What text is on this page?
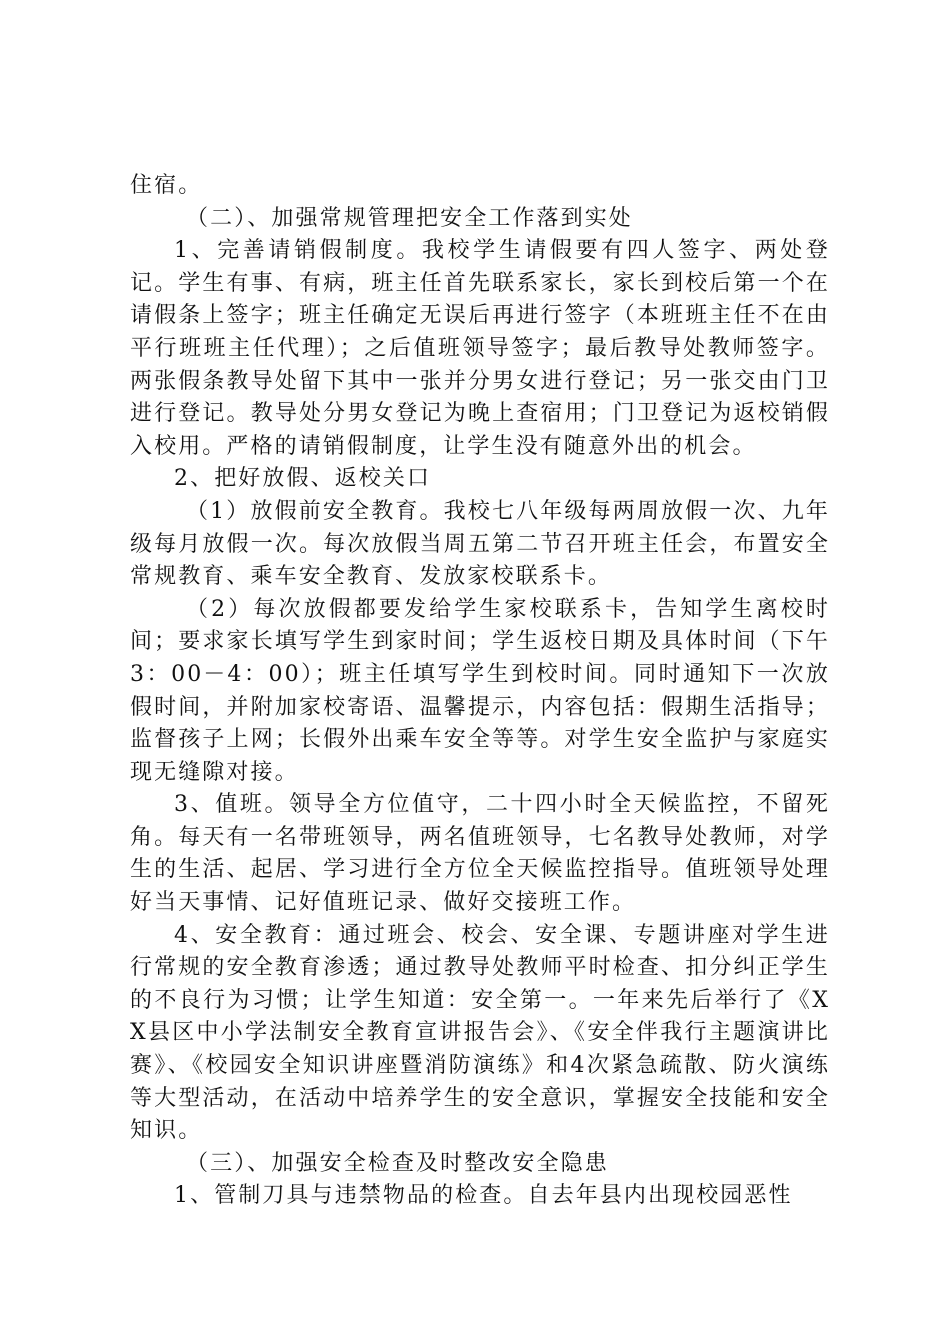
住宿。

（二）、加强常规管理把安全工作落到实处

1、完善请销假制度。我校学生请假要有四人签字、两处登记。学生有事、有病，班主任首先联系家长，家长到校后第一个在请假条上签字；班主任确定无误后再进行签字（本班班主任不在由平行班班主任代理）；之后值班领导签字；最后教导处教师签字。两张假条教导处留下其中一张并分男女进行登记；另一张交由门卫进行登记。教导处分男女登记为晚上查宿用；门卫登记为返校销假入校用。严格的请销假制度，让学生没有随意外出的机会。

2、把好放假、返校关口

（1）放假前安全教育。我校七八年级每两周放假一次、九年级每月放假一次。每次放假当周五第二节召开班主任会，布置安全常规教育、乘车安全教育、发放家校联系卡。

（2）每次放假都要发给学生家校联系卡，告知学生离校时间；要求家长填写学生到家时间；学生返校日期及具体时间（下午3：00－4：00）；班主任填写学生到校时间。同时通知下一次放假时间，并附加家校寄语、温馨提示，内容包括：假期生活指导；监督孩子上网；长假外出乘车安全等等。对学生安全监护与家庭实现无缝隙对接。

3、值班。领导全方位值守，二十四小时全天候监控，不留死角。每天有一名带班领导，两名值班领导，七名教导处教师，对学生的生活、起居、学习进行全方位全天候监控指导。值班领导处理好当天事情、记好值班记录、做好交接班工作。

4、安全教育：通过班会、校会、安全课、专题讲座对学生进行常规的安全教育渗透；通过教导处教师平时检查、扣分纠正学生的不良行为习惯；让学生知道：安全第一。一年来先后举行了《XX县区中小学法制安全教育宣讲报告会》、《安全伴我行主题演讲比赛》、《校园安全知识讲座暨消防演练》和4次紧急疏散、防火演练等大型活动，在活动中培养学生的安全意识，掌握安全技能和安全知识。

（三）、加强安全检查及时整改安全隐患

1、管制刀具与违禁物品的检查。自去年县内出现校园恶性
